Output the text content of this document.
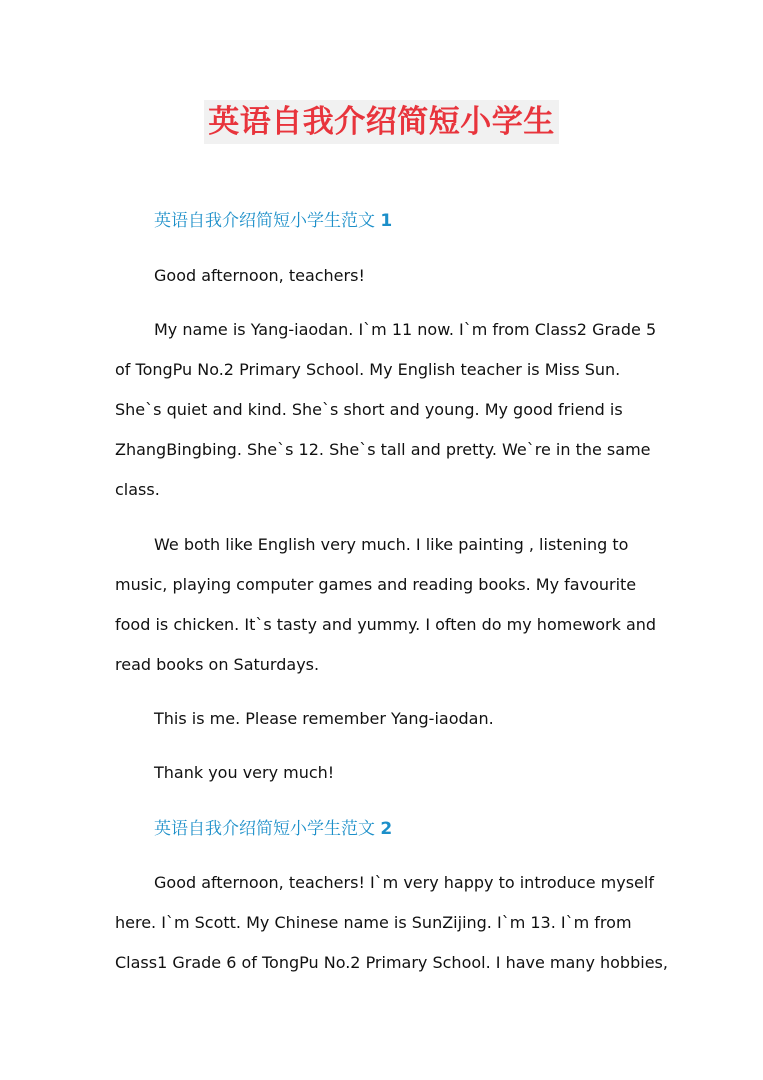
英语自我介绍简短小学生
英语自我介绍简短小学生范文 1
Good afternoon, teachers!
My name is Yang-iaodan. I`m 11 now. I`m from Class2 Grade 5
of TongPu No.2 Primary School. My English teacher is Miss Sun.
She`s quiet and kind. She`s short and young. My good friend is
ZhangBingbing. She`s 12. She`s tall and pretty. We`re in the same
class.
We both like English very much. I like painting , listening to
music, playing computer games and reading books. My favourite
food is chicken. It`s tasty and yummy. I often do my homework and
read books on Saturdays.
This is me. Please remember Yang-iaodan.
Thank you very much!
英语自我介绍简短小学生范文 2
Good afternoon, teachers! I`m very happy to introduce myself
here. I`m Scott. My Chinese name is SunZijing. I`m 13. I`m from
Class1 Grade 6 of TongPu No.2 Primary School. I have many hobbies,
